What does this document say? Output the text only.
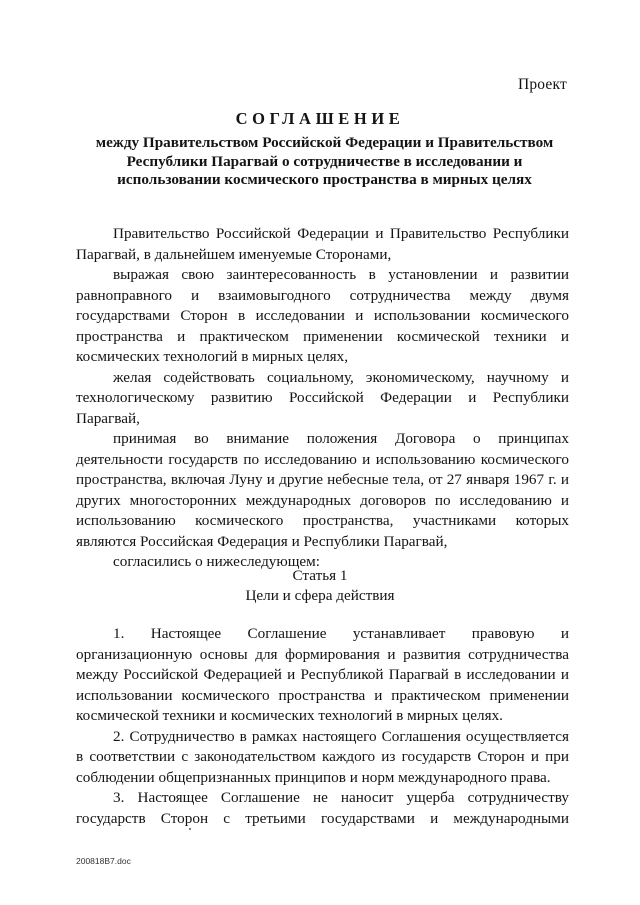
Проект
СОГЛАШЕНИЕ
между Правительством Российской Федерации и Правительством
Республики Парагвай о сотрудничестве в исследовании и
использовании космического пространства в мирных целях

Правительство Российской Федерации и Правительство Республики Парагвай, в дальнейшем именуемые Сторонами,

выражая свою заинтересованность в установлении и развитии равноправного и взаимовыгодного сотрудничества между двумя государствами Сторон в исследовании и использовании космического пространства и практическом применении космической техники и космических технологий в мирных целях,

желая содействовать социальному, экономическому, научному и технологическому развитию Российской Федерации и Республики Парагвай,

принимая во внимание положения Договора о принципах деятельности государств по исследованию и использованию космического пространства, включая Луну и другие небесные тела, от 27 января 1967 г. и других многосторонних международных договоров по исследованию и использованию космического пространства, участниками которых являются Российская Федерация и Республики Парагвай,

согласились о нижеследующем:

Статья 1
Цели и сфера действия

1. Настоящее Соглашение устанавливает правовую и организационную основы для формирования и развития сотрудничества между Российской Федерацией и Республикой Парагвай в исследовании и использовании космического пространства и практическом применении космической техники и космических технологий в мирных целях.

2. Сотрудничество в рамках настоящего Соглашения осуществляется в соответствии с законодательством каждого из государств Сторон и при соблюдении общепризнанных принципов и норм международного права.

3. Настоящее Соглашение не наносит ущерба сотрудничеству государств Сторон с третьими государствами и международными

200818В7.doc
